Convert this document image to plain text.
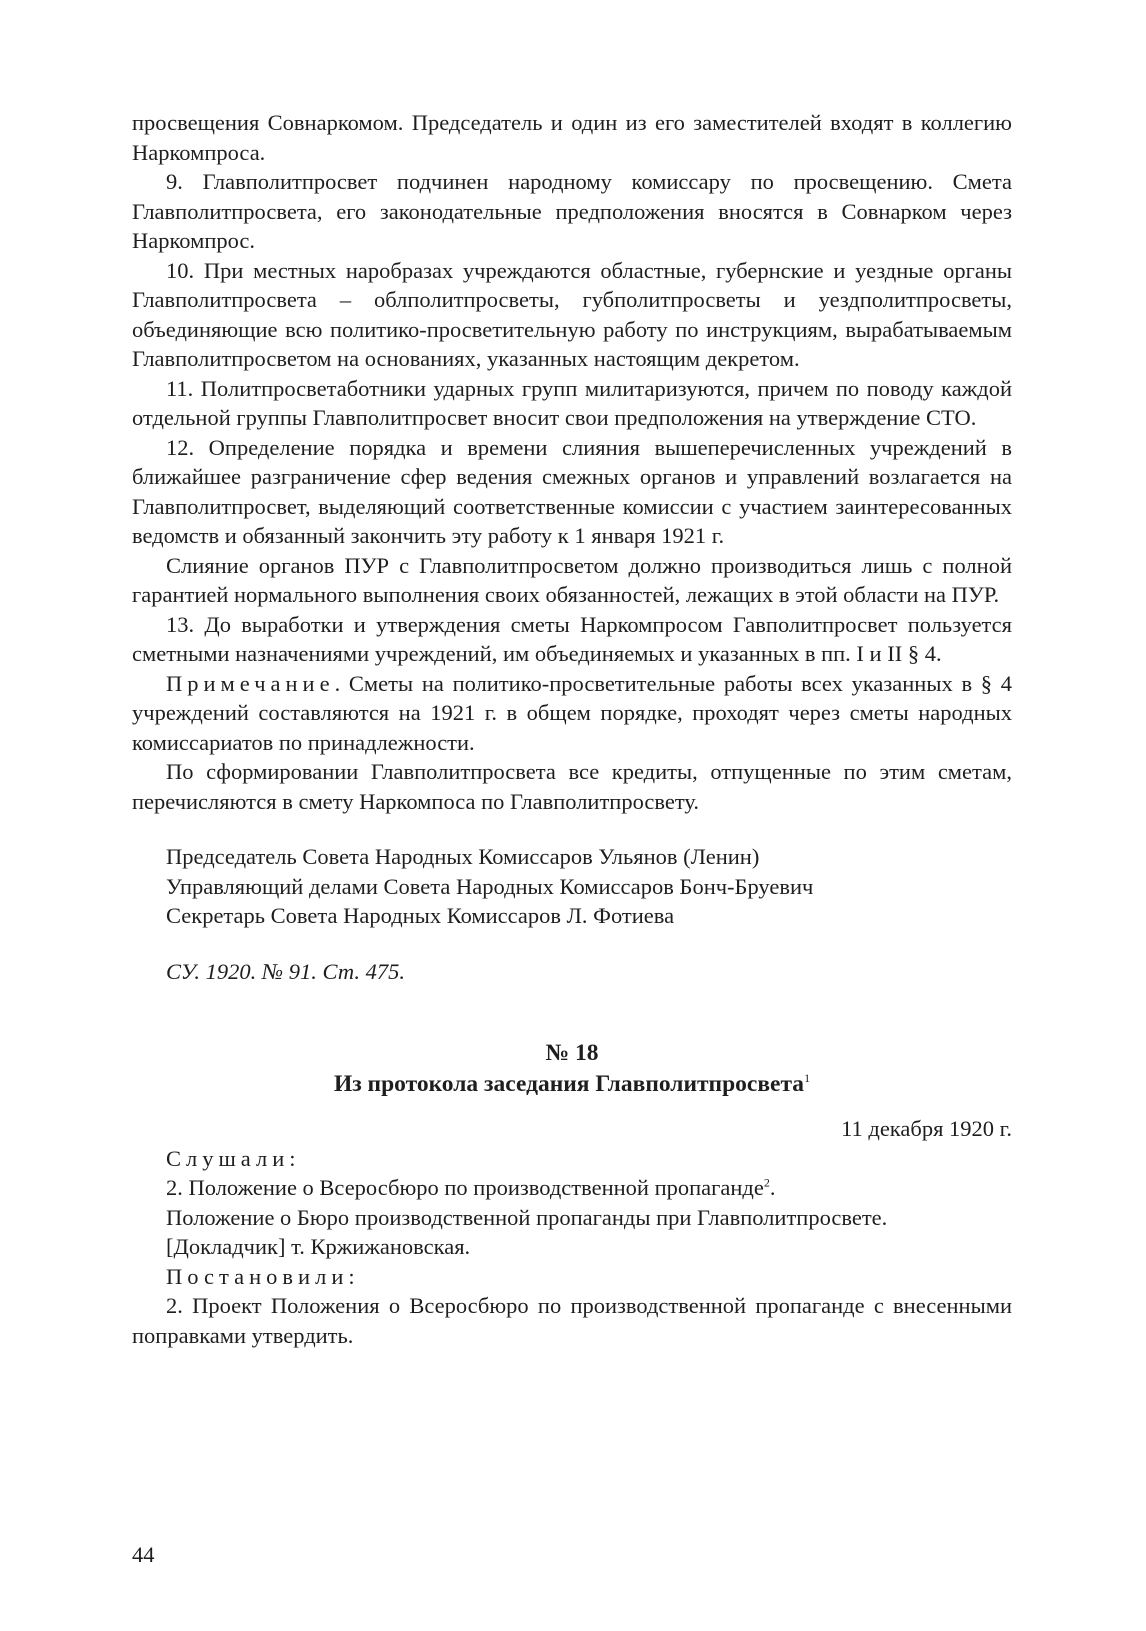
просвещения Совнаркомом. Председатель и один из его заместителей входят в коллегию Наркомпроса.

9. Главполитпросвет подчинен народному комиссару по просвещению. Смета Главполитпросвета, его законодательные предположения вносятся в Совнарком через Наркомпрос.

10. При местных наробразах учреждаются областные, губернские и уездные органы Главполитпросвета – облполитпросветы, губполитпросветы и уездполитпросветы, объединяющие всю политико-просветительную работу по инструкциям, вырабатываемым Главполитпросветом на основаниях, указанных настоящим декретом.

11. Политпросветаботники ударных групп милитаризуются, причем по поводу каждой отдельной группы Главполитпросвет вносит свои предположения на утверждение СТО.

12. Определение порядка и времени слияния вышеперечисленных учреждений в ближайшее разграничение сфер ведения смежных органов и управлений возлагается на Главполитпросвет, выделяющий соответственные комиссии с участием заинтересованных ведомств и обязанный закончить эту работу к 1 января 1921 г.

Слияние органов ПУР с Главполитпросветом должно производиться лишь с полной гарантией нормального выполнения своих обязанностей, лежащих в этой области на ПУР.

13. До выработки и утверждения сметы Наркомпросом Гавполитпросвет пользуется сметными назначениями учреждений, им объединяемых и указанных в пп. I и II § 4.

Примечание. Сметы на политико-просветительные работы всех указанных в § 4 учреждений составляются на 1921 г. в общем порядке, проходят через сметы народных комиссариатов по принадлежности.

По сформировании Главполитпросвета все кредиты, отпущенные по этим сметам, перечисляются в смету Наркомпоса по Главполитпросвету.

Председатель Совета Народных Комиссаров Ульянов (Ленин)
Управляющий делами Совета Народных Комиссаров Бонч-Бруевич
Секретарь Совета Народных Комиссаров Л. Фотиева
СУ. 1920. № 91. Ст. 475.
№ 18
Из протокола заседания Главполитпросвета$^1$
11 декабря 1920 г.
Слушали:
2. Положение о Всеросбюро по производственной пропаганде$^2$.
Положение о Бюро производственной пропаганды при Главполитпросвете.
[Докладчик] т. Кржижановская.
Постановили:
2. Проект Положения о Всеросбюро по производственной пропаганде с внесенными поправками утвердить.
44
